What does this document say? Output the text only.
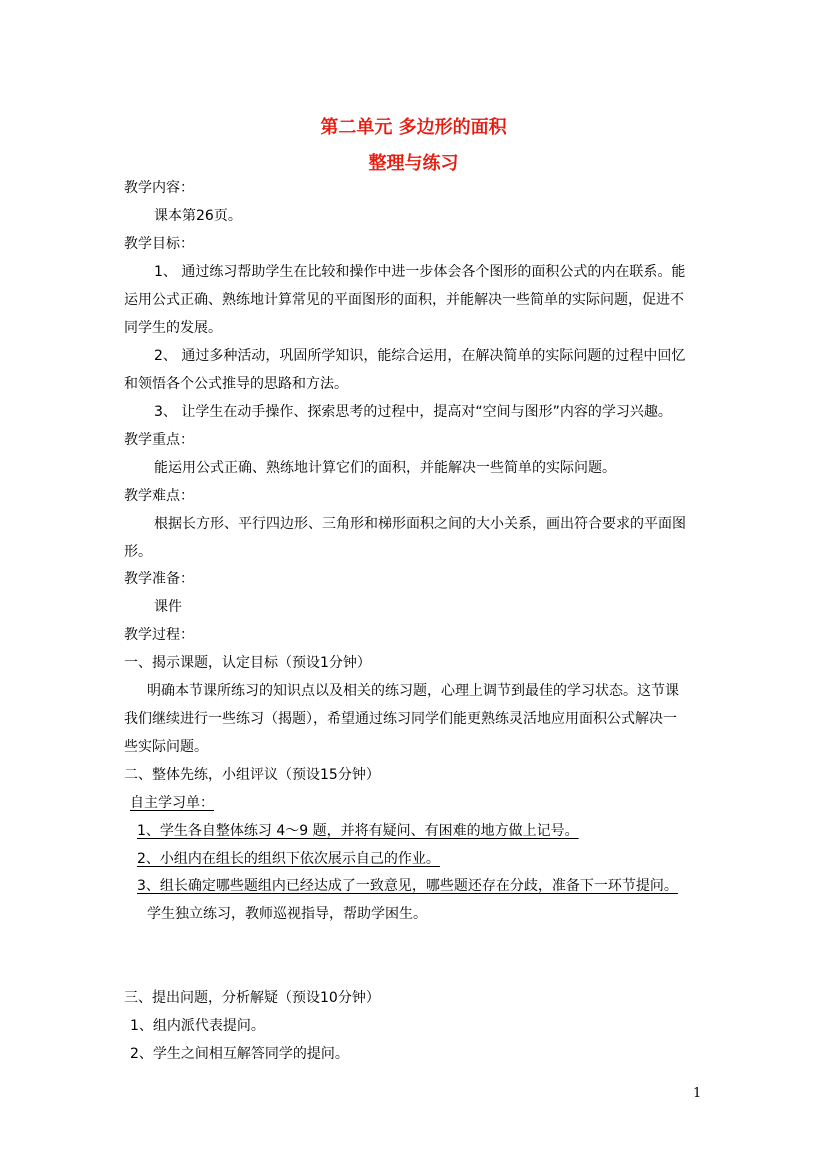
第二单元 多边形的面积
整理与练习
教学内容：
课本第26页。
教学目标：
1、 通过练习帮助学生在比较和操作中进一步体会各个图形的面积公式的内在联系。能
运用公式正确、熟练地计算常见的平面图形的面积，并能解决一些简单的实际问题，促进不
同学生的发展。
2、 通过多种活动，巩固所学知识，能综合运用，在解决简单的实际问题的过程中回忆
和领悟各个公式推导的思路和方法。
3、 让学生在动手操作、探索思考的过程中，提高对“空间与图形”内容的学习兴趣。
教学重点：
能运用公式正确、熟练地计算它们的面积，并能解决一些简单的实际问题。
教学难点：
根据长方形、平行四边形、三角形和梯形面积之间的大小关系，画出符合要求的平面图
形。
教学准备：
课件
教学过程：
一、揭示课题，认定目标（预设1分钟）
明确本节课所练习的知识点以及相关的练习题，心理上调节到最佳的学习状态。这节课
我们继续进行一些练习（揭题），希望通过练习同学们能更熟练灵活地应用面积公式解决一
些实际问题。
二、整体先练，小组评议（预设15分钟）
自主学习单：
1、学生各自整体练习 4～9 题，并将有疑问、有困难的地方做上记号。
2、小组内在组长的组织下依次展示自己的作业。
3、组长确定哪些题组内已经达成了一致意见，哪些题还存在分歧，准备下一环节提问。
学生独立练习，教师巡视指导，帮助学困生。
三、提出问题，分析解疑（预设10分钟）
1、组内派代表提问。
2、学生之间相互解答同学的提问。
1
